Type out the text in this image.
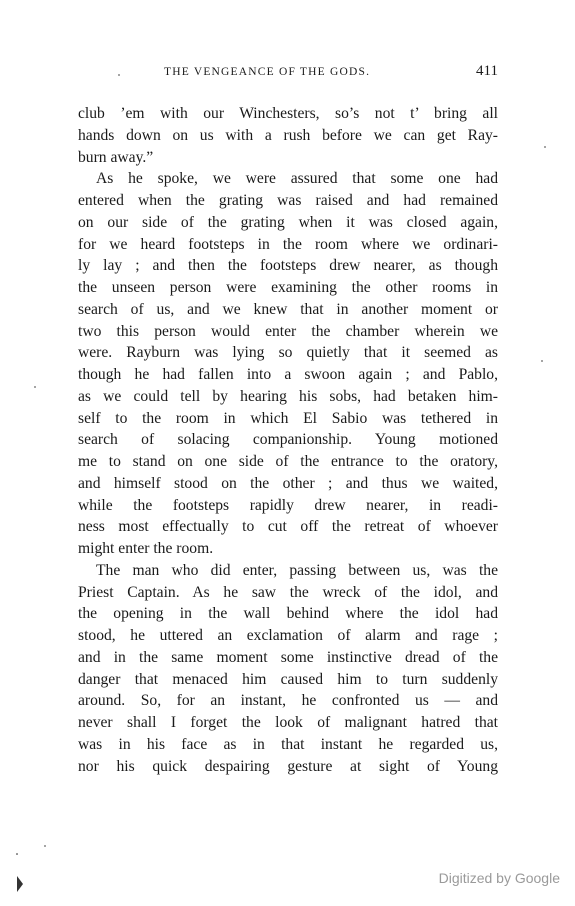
THE VENGEANCE OF THE GODS.	411
club ’em with our Winchesters, so’s not t’ bring all
hands down on us with a rush before we can get Ray-
burn away.”
As he spoke, we were assured that some one had
entered when the grating was raised and had remained
on our side of the grating when it was closed again,
for we heard footsteps in the room where we ordinari-
ly lay ; and then the footsteps drew nearer, as though
the unseen person were examining the other rooms in
search of us, and we knew that in another moment or
two this person would enter the chamber wherein we
were. Rayburn was lying so quietly that it seemed as
though he had fallen into a swoon again ; and Pablo,
as we could tell by hearing his sobs, had betaken him-
self to the room in which El Sabio was tethered in
search of solacing companionship. Young motioned
me to stand on one side of the entrance to the oratory,
and himself stood on the other ; and thus we waited,
while the footsteps rapidly drew nearer, in readi-
ness most effectually to cut off the retreat of whoever
might enter the room.
The man who did enter, passing between us, was the
Priest Captain. As he saw the wreck of the idol, and
the opening in the wall behind where the idol had
stood, he uttered an exclamation of alarm and rage ;
and in the same moment some instinctive dread of the
danger that menaced him caused him to turn suddenly
around. So, for an instant, he confronted us — and
never shall I forget the look of malignant hatred that
was in his face as in that instant he regarded us,
nor his quick despairing gesture at sight of Young
Digitized by Google
